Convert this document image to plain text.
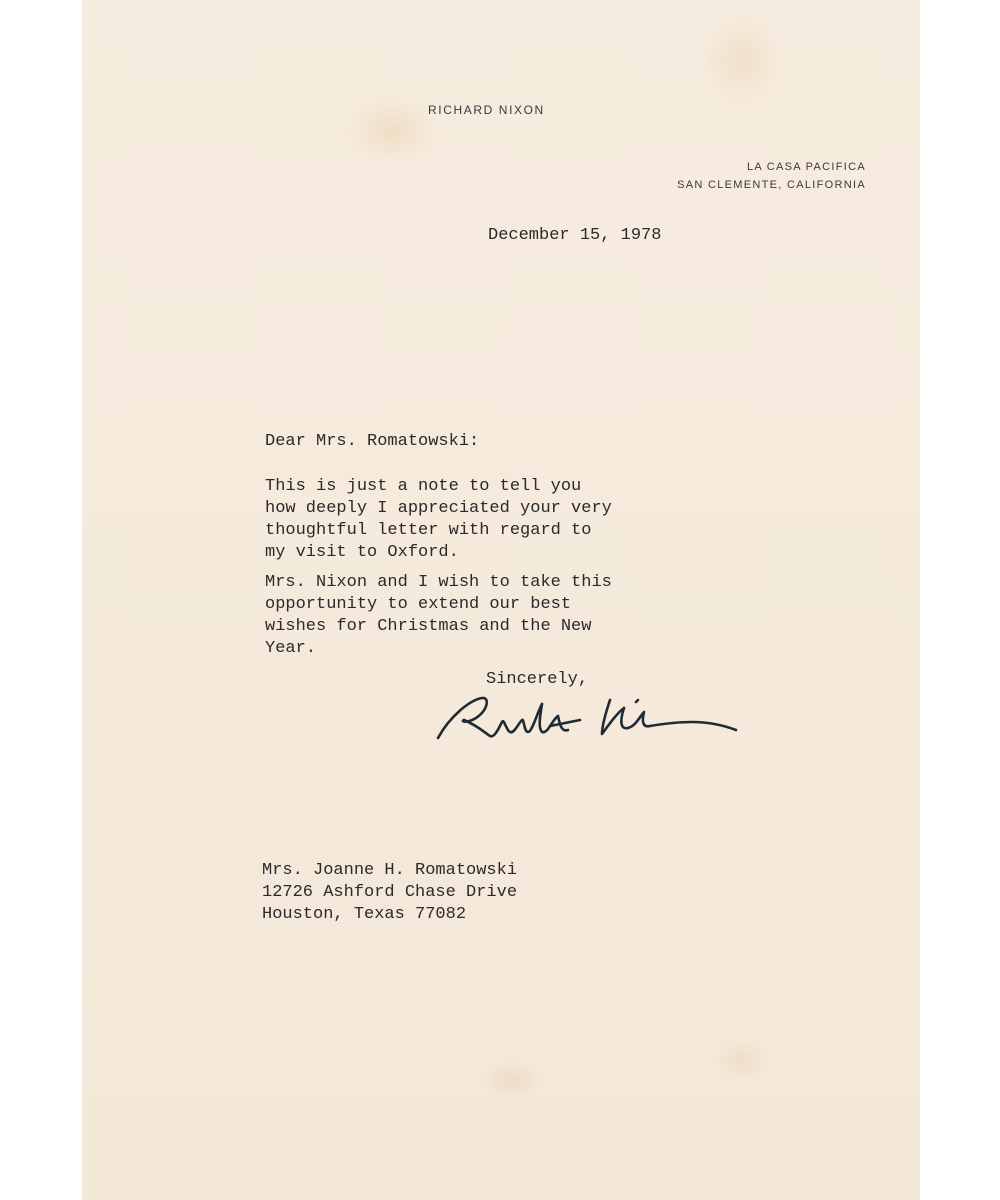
RICHARD NIXON
LA CASA PACIFICA
SAN CLEMENTE, CALIFORNIA
December 15, 1978
Dear Mrs. Romatowski:
This is just a note to tell you
how deeply I appreciated your very
thoughtful letter with regard to
my visit to Oxford.
Mrs. Nixon and I wish to take this
opportunity to extend our best
wishes for Christmas and the New
Year.
Sincerely,
Mrs. Joanne H. Romatowski
12726 Ashford Chase Drive
Houston, Texas 77082
